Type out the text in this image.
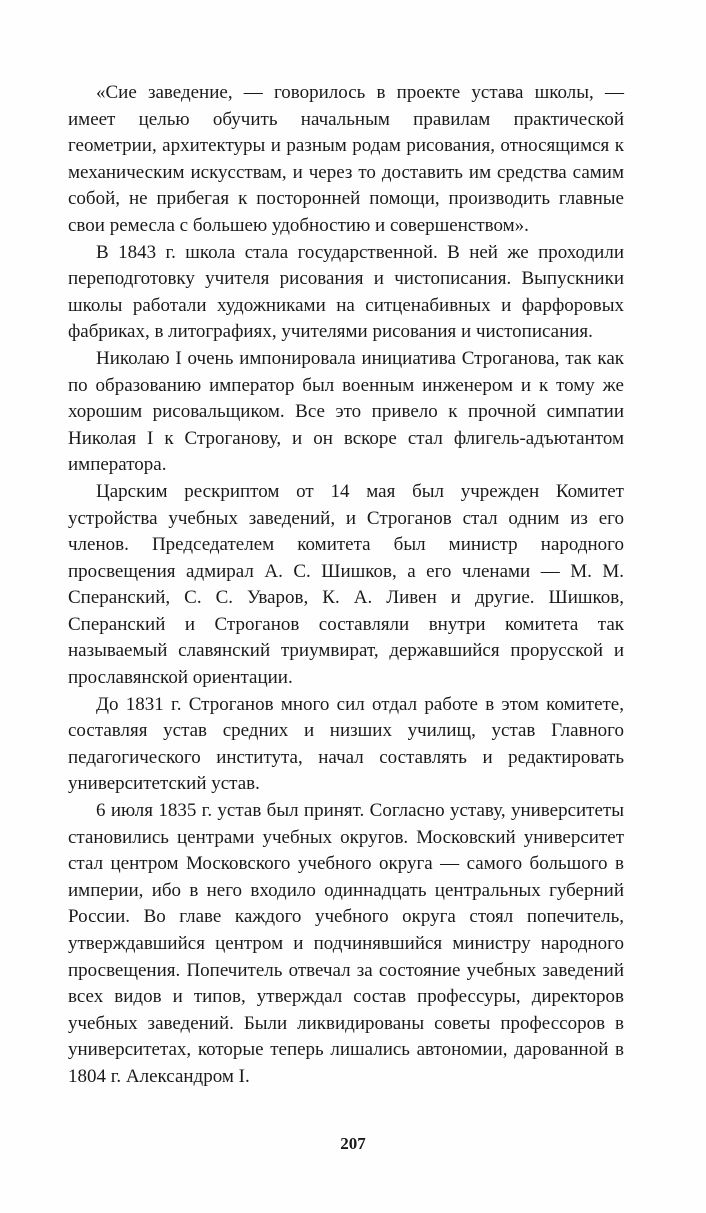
«Сие заведение, — говорилось в проекте устава школы, — имеет целью обучить начальным правилам практической геометрии, архитектуры и разным родам рисования, относящимся к механическим искусствам, и через то доставить им средства самим собой, не прибегая к посторонней помощи, производить главные свои ремесла с большею удобностию и совершенством».

В 1843 г. школа стала государственной. В ней же проходили переподготовку учителя рисования и чистописания. Выпускники школы работали художниками на ситценабивных и фарфоровых фабриках, в литографиях, учителями рисования и чистописания.

Николаю I очень импонировала инициатива Строганова, так как по образованию император был военным инженером и к тому же хорошим рисовальщиком. Все это привело к прочной симпатии Николая I к Строганову, и он вскоре стал флигель-адъютантом императора.

Царским рескриптом от 14 мая был учрежден Комитет устройства учебных заведений, и Строганов стал одним из его членов. Председателем комитета был министр народного просвещения адмирал А. С. Шишков, а его членами — М. М. Сперанский, С. С. Уваров, К. А. Ливен и другие. Шишков, Сперанский и Строганов составляли внутри комитета так называемый славянский триумвират, державшийся прорусской и прославянской ориентации.

До 1831 г. Строганов много сил отдал работе в этом комитете, составляя устав средних и низших училищ, устав Главного педагогического института, начал составлять и редактировать университетский устав.

6 июля 1835 г. устав был принят. Согласно уставу, университеты становились центрами учебных округов. Московский университет стал центром Московского учебного округа — самого большого в империи, ибо в него входило одиннадцать центральных губерний России. Во главе каждого учебного округа стоял попечитель, утверждавшийся центром и подчинявшийся министру народного просвещения. Попечитель отвечал за состояние учебных заведений всех видов и типов, утверждал состав профессуры, директоров учебных заведений. Были ликвидированы советы профессоров в университетах, которые теперь лишались автономии, дарованной в 1804 г. Александром I.

207
